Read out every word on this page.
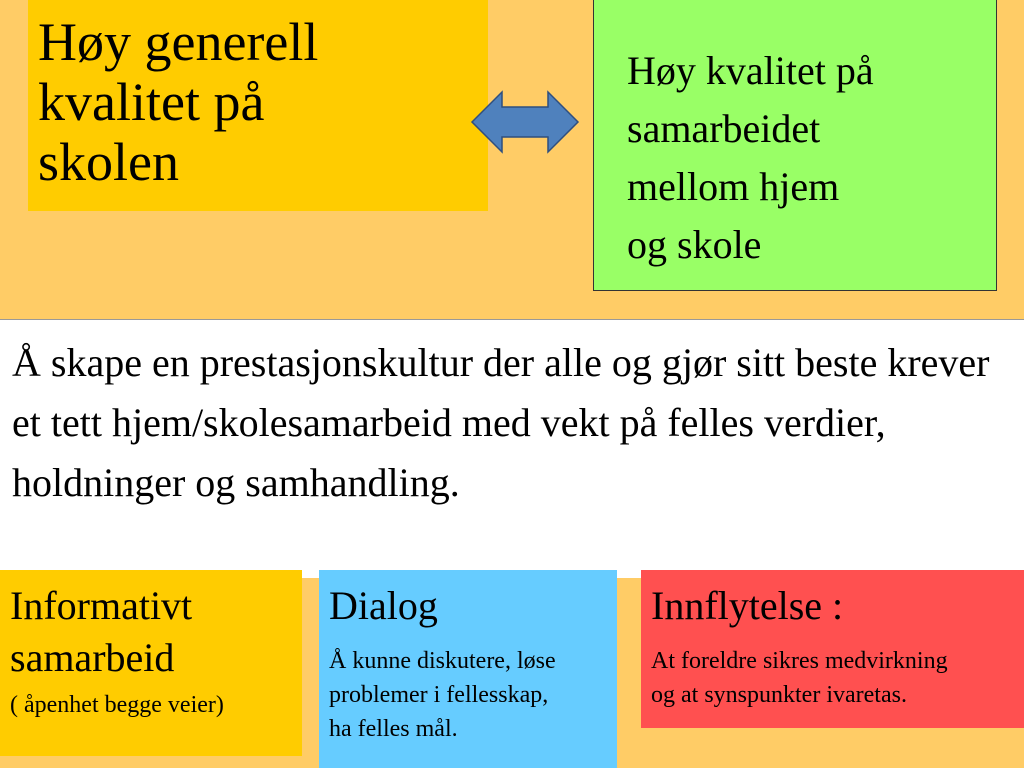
Høy generell
kvalitet på
skolen

Høy kvalitet på
samarbeidet
mellom hjem
og skole

Å skape en prestasjonskultur der alle og gjør sitt beste krever et tett hjem/skolesamarbeid med vekt på felles verdier, holdninger og samhandling.

Informativt
samarbeid

( åpenhet begge veier)

Dialog

Å kunne diskutere, løse
problemer i fellesskap,
ha felles mål.

Innflytelse :

At foreldre sikres medvirkning
og at synspunkter ivaretas.
